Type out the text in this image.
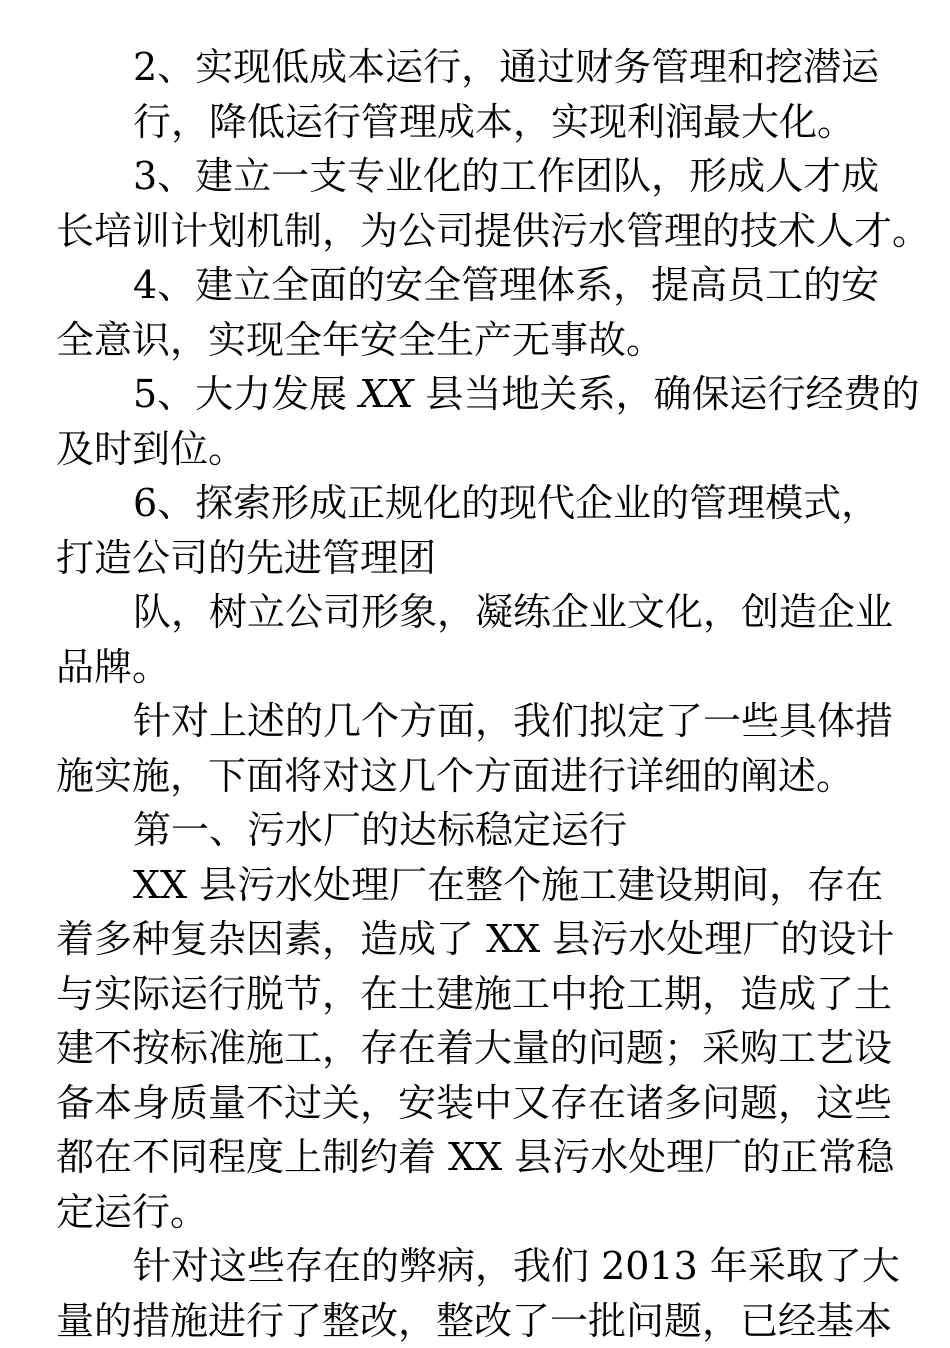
2、实现低成本运行，通过财务管理和挖潜运
行，降低运行管理成本，实现利润最大化。
3、建立一支专业化的工作团队，形成人才成
长培训计划机制，为公司提供污水管理的技术人才。
4、建立全面的安全管理体系，提高员工的安
全意识，实现全年安全生产无事故。
5、大力发展 XX 县当地关系，确保运行经费的
及时到位。
6、探索形成正规化的现代企业的管理模式，
打造公司的先进管理团
队，树立公司形象，凝练企业文化，创造企业
品牌。
针对上述的几个方面，我们拟定了一些具体措
施实施，下面将对这几个方面进行详细的阐述。
第一、污水厂的达标稳定运行
XX 县污水处理厂在整个施工建设期间，存在
着多种复杂因素，造成了 XX 县污水处理厂的设计
与实际运行脱节，在土建施工中抢工期，造成了土
建不按标准施工，存在着大量的问题；采购工艺设
备本身质量不过关，安装中又存在诸多问题，这些
都在不同程度上制约着 XX 县污水处理厂的正常稳
定运行。
针对这些存在的弊病，我们 2013 年采取了大
量的措施进行了整改，整改了一批问题，已经基本
